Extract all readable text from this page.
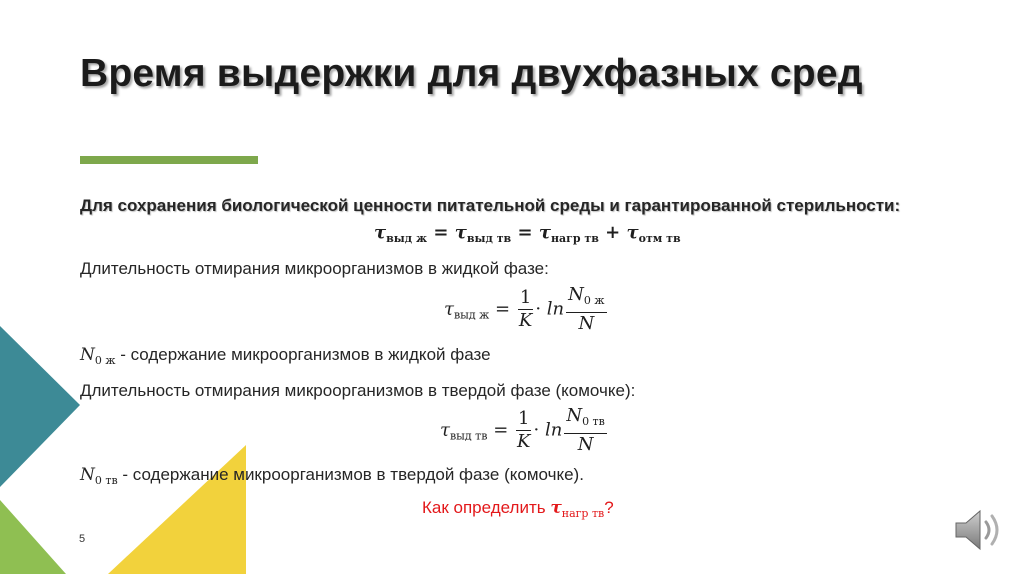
Время выдержки для двухфазных сред
Для сохранения биологической ценности питательной среды и гарантированной стерильности:
$\tau_{выд ж} = \tau_{выд тв} = \tau_{нагр тв} + \tau_{отм тв}$
Длительность отмирания микроорганизмов в жидкой фазе:
$\tau_{выд ж} = \frac{1}{K} \cdot \ln \frac{N_{0 ж}}{N}$
$N_{0 ж}$ - содержание микроорганизмов в жидкой фазе
Длительность отмирания микроорганизмов в твердой фазе (комочке):
$\tau_{выд тв} = \frac{1}{K} \cdot \ln \frac{N_{0 тв}}{N}$
$N_{0 тв}$ - содержание микроорганизмов в твердой фазе (комочке).
Как определить $\tau_{нагр тв}$?
5
